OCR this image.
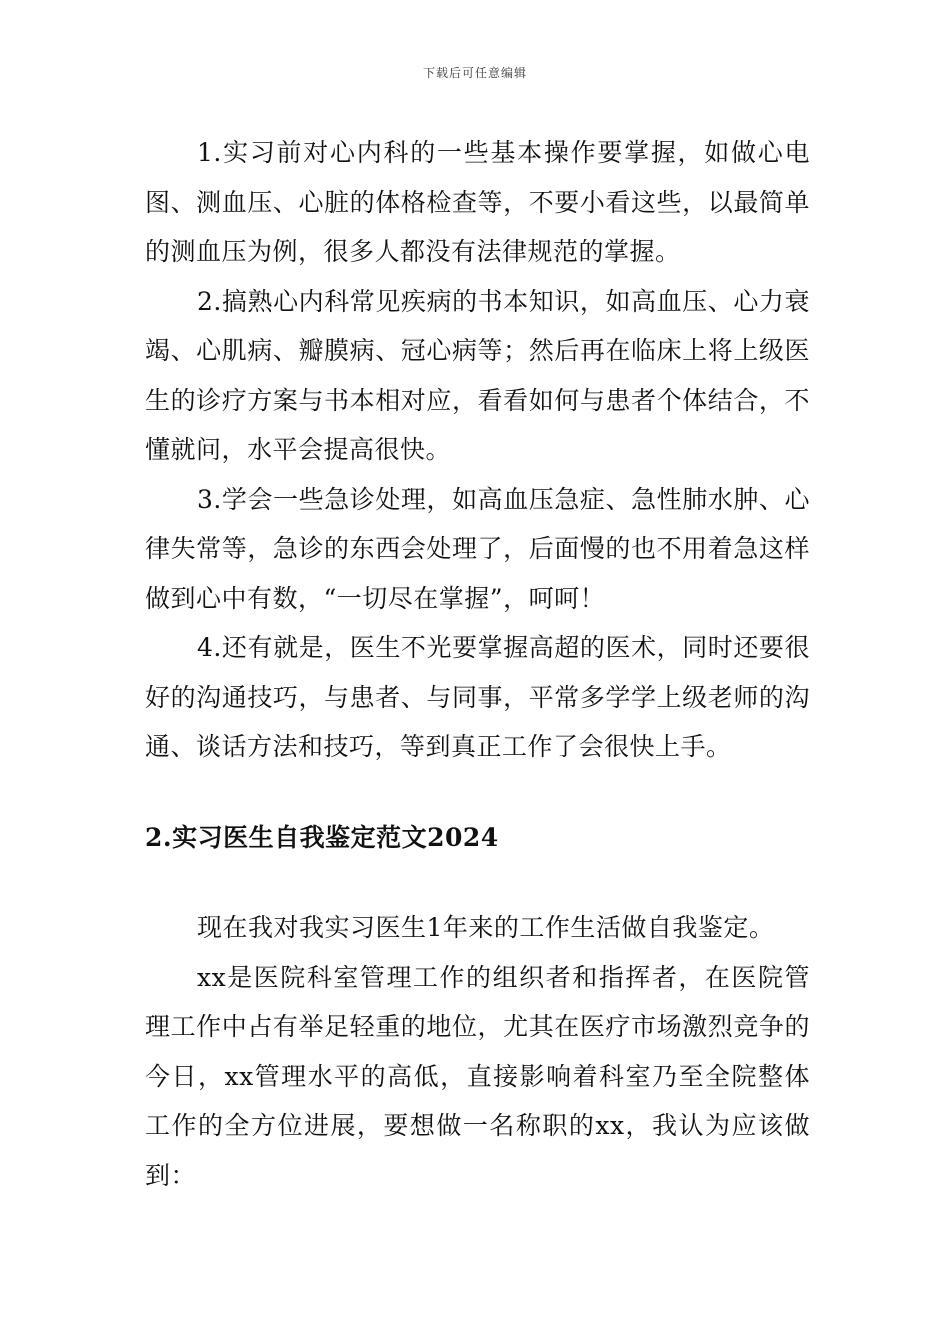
下载后可任意编辑

1.实习前对心内科的一些基本操作要掌握，如做心电图、测血压、心脏的体格检查等，不要小看这些，以最简单的测血压为例，很多人都没有法律规范的掌握。

2.搞熟心内科常见疾病的书本知识，如高血压、心力衰竭、心肌病、瓣膜病、冠心病等；然后再在临床上将上级医生的诊疗方案与书本相对应，看看如何与患者个体结合，不懂就问，水平会提高很快。

3.学会一些急诊处理，如高血压急症、急性肺水肿、心律失常等，急诊的东西会处理了，后面慢的也不用着急这样做到心中有数，“一切尽在掌握”，呵呵！

4.还有就是，医生不光要掌握高超的医术，同时还要很好的沟通技巧，与患者、与同事，平常多学学上级老师的沟通、谈话方法和技巧，等到真正工作了会很快上手。

2.实习医生自我鉴定范文2024

现在我对我实习医生1年来的工作生活做自我鉴定。

xx是医院科室管理工作的组织者和指挥者，在医院管理工作中占有举足轻重的地位，尤其在医疗市场激烈竞争的今日，xx管理水平的高低，直接影响着科室乃至全院整体工作的全方位进展，要想做一名称职的xx，我认为应该做到：
